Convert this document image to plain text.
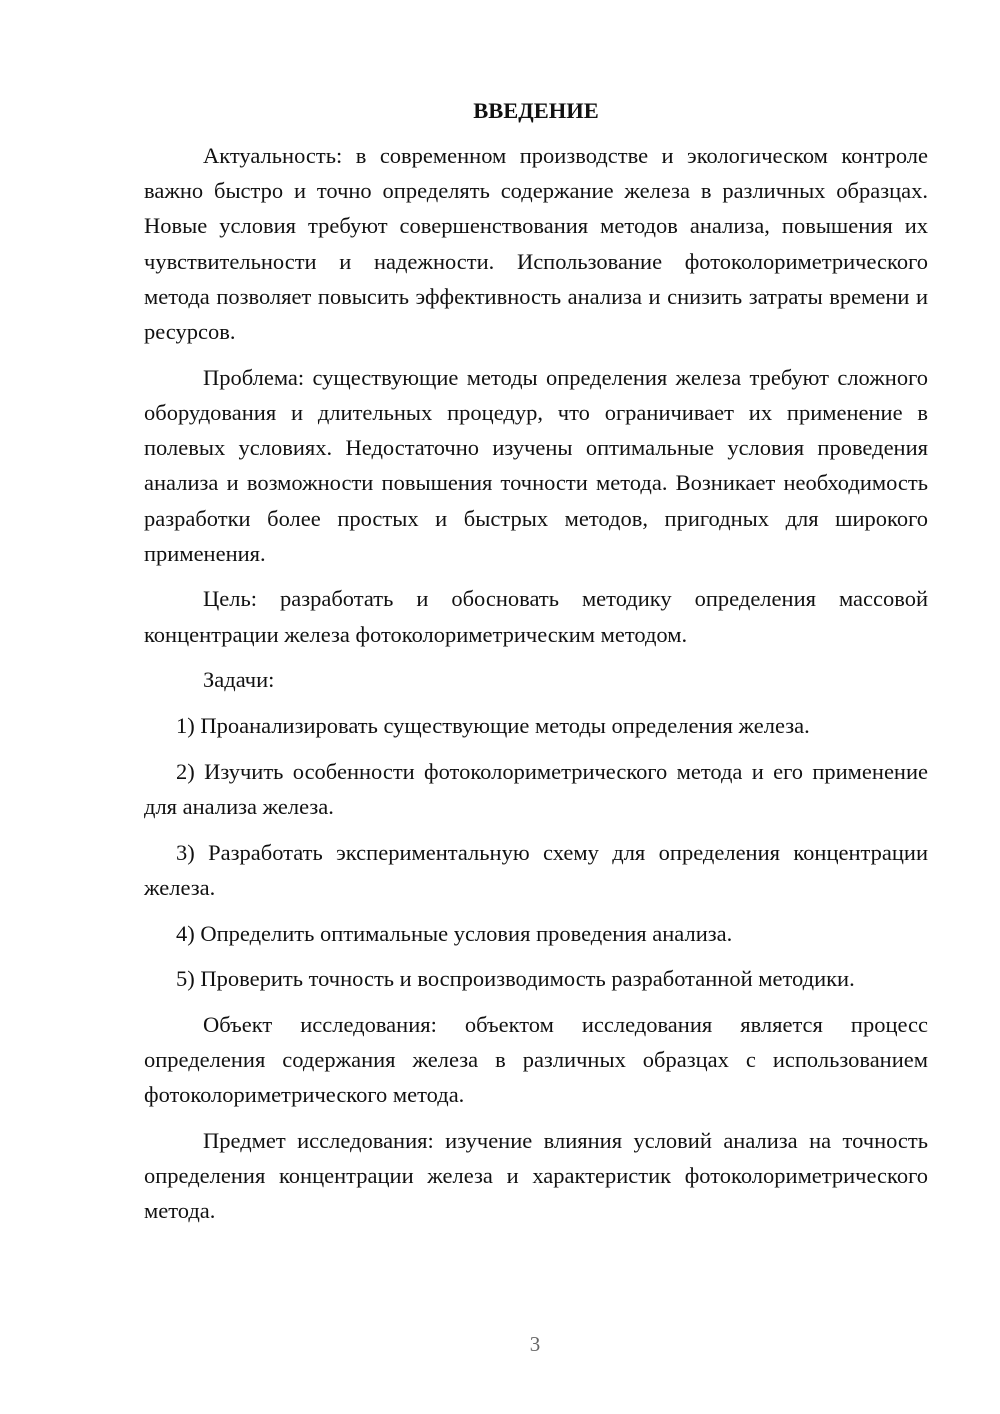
ВВЕДЕНИЕ

Актуальность: в современном производстве и экологическом контроле важно быстро и точно определять содержание железа в различных образцах. Новые условия требуют совершенствования методов анализа, повышения их чувствительности и надежности. Использование фотоколориметрического метода позволяет повысить эффективность анализа и снизить затраты времени и ресурсов.

Проблема: существующие методы определения железа требуют сложного оборудования и длительных процедур, что ограничивает их применение в полевых условиях. Недостаточно изучены оптимальные условия проведения анализа и возможности повышения точности метода. Возникает необходимость разработки более простых и быстрых методов, пригодных для широкого применения.

Цель: разработать и обосновать методику определения массовой концентрации железа фотоколориметрическим методом.

Задачи:

1) Проанализировать существующие методы определения железа.

2) Изучить особенности фотоколориметрического метода и его применение для анализа железа.

3) Разработать экспериментальную схему для определения концентрации железа.

4) Определить оптимальные условия проведения анализа.

5) Проверить точность и воспроизводимость разработанной методики.

Объект исследования: объектом исследования является процесс определения содержания железа в различных образцах с использованием фотоколориметрического метода.

Предмет исследования: изучение влияния условий анализа на точность определения концентрации железа и характеристик фотоколориметрического метода.

3
